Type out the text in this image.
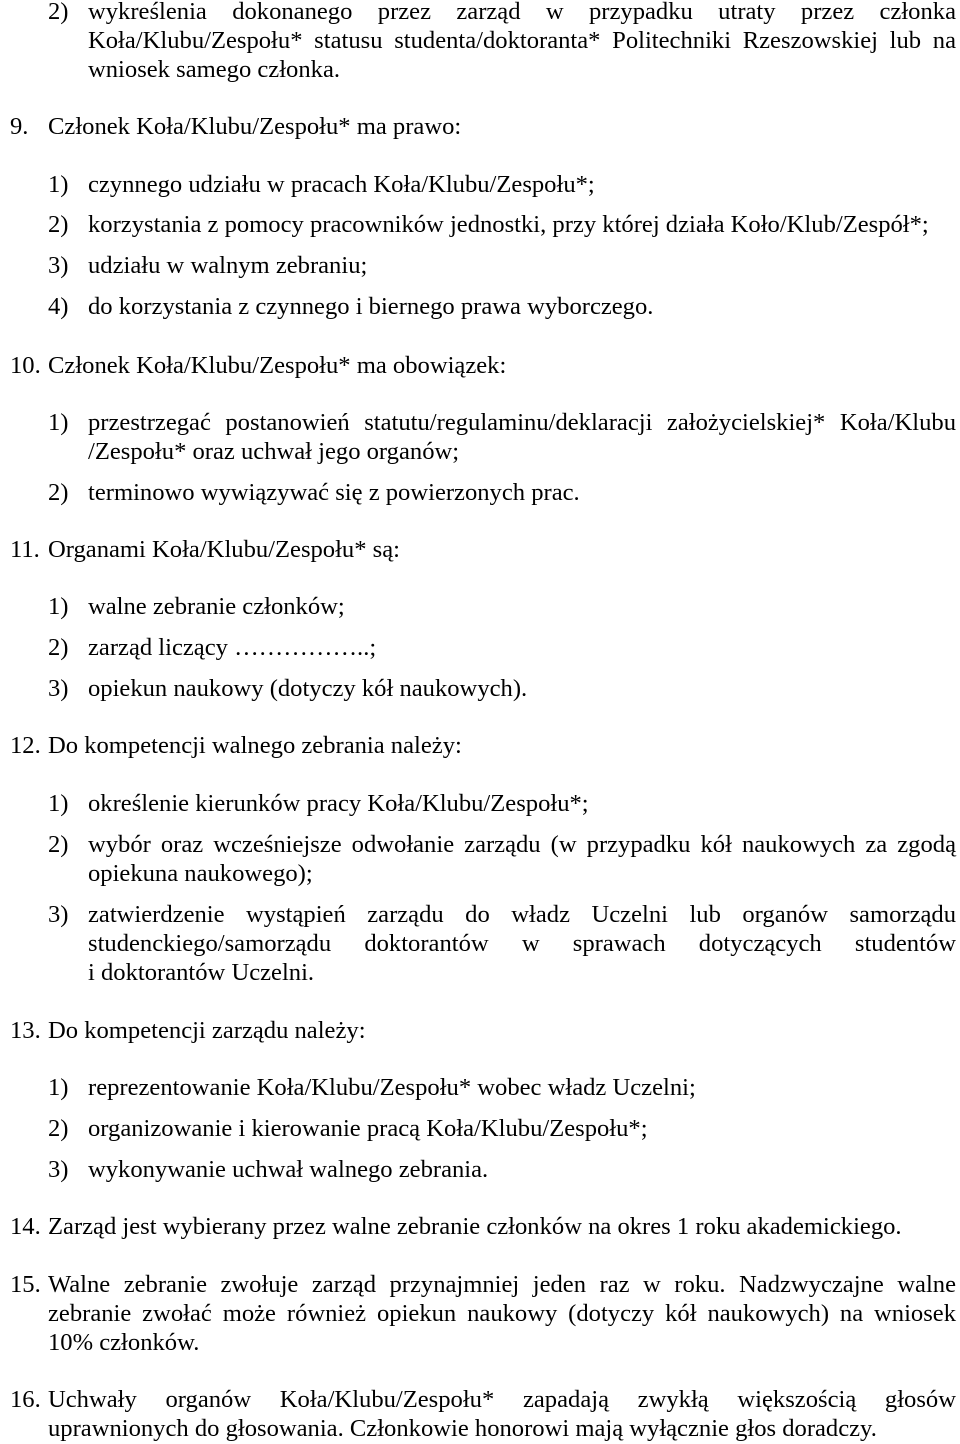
2) wykreślenia dokonanego przez zarząd w przypadku utraty przez członka
Koła/Klubu/Zespołu* statusu studenta/doktoranta* Politechniki Rzeszowskiej lub na
wniosek samego członka.
9. Członek Koła/Klubu/Zespołu* ma prawo:
1) czynnego udziału w pracach Koła/Klubu/Zespołu*;
2) korzystania z pomocy pracowników jednostki, przy której działa Koło/Klub/Zespół*;
3) udziału w walnym zebraniu;
4) do korzystania z czynnego i biernego prawa wyborczego.
10. Członek Koła/Klubu/Zespołu* ma obowiązek:
1) przestrzegać postanowień statutu/regulaminu/deklaracji założycielskiej* Koła/Klubu
/Zespołu* oraz uchwał jego organów;
2) terminowo wywiązywać się z powierzonych prac.
11. Organami Koła/Klubu/Zespołu* są:
1) walne zebranie członków;
2) zarząd liczący ……………..;
3) opiekun naukowy (dotyczy kół naukowych).
12. Do kompetencji walnego zebrania należy:
1) określenie kierunków pracy Koła/Klubu/Zespołu*;
2) wybór oraz wcześniejsze odwołanie zarządu (w przypadku kół naukowych za zgodą
opiekuna naukowego);
3) zatwierdzenie wystąpień zarządu do władz Uczelni lub organów samorządu
studenckiego/samorządu doktorantów w sprawach dotyczących studentów
i doktorantów Uczelni.
13. Do kompetencji zarządu należy:
1) reprezentowanie Koła/Klubu/Zespołu* wobec władz Uczelni;
2) organizowanie i kierowanie pracą Koła/Klubu/Zespołu*;
3) wykonywanie uchwał walnego zebrania.
14. Zarząd jest wybierany przez walne zebranie członków na okres 1 roku akademickiego.
15. Walne zebranie zwołuje zarząd przynajmniej jeden raz w roku. Nadzwyczajne walne
zebranie zwołać może również opiekun naukowy (dotyczy kół naukowych) na wniosek
10% członków.
16. Uchwały organów Koła/Klubu/Zespołu* zapadają zwykłą większością głosów
uprawnionych do głosowania. Członkowie honorowi mają wyłącznie głos doradczy.
